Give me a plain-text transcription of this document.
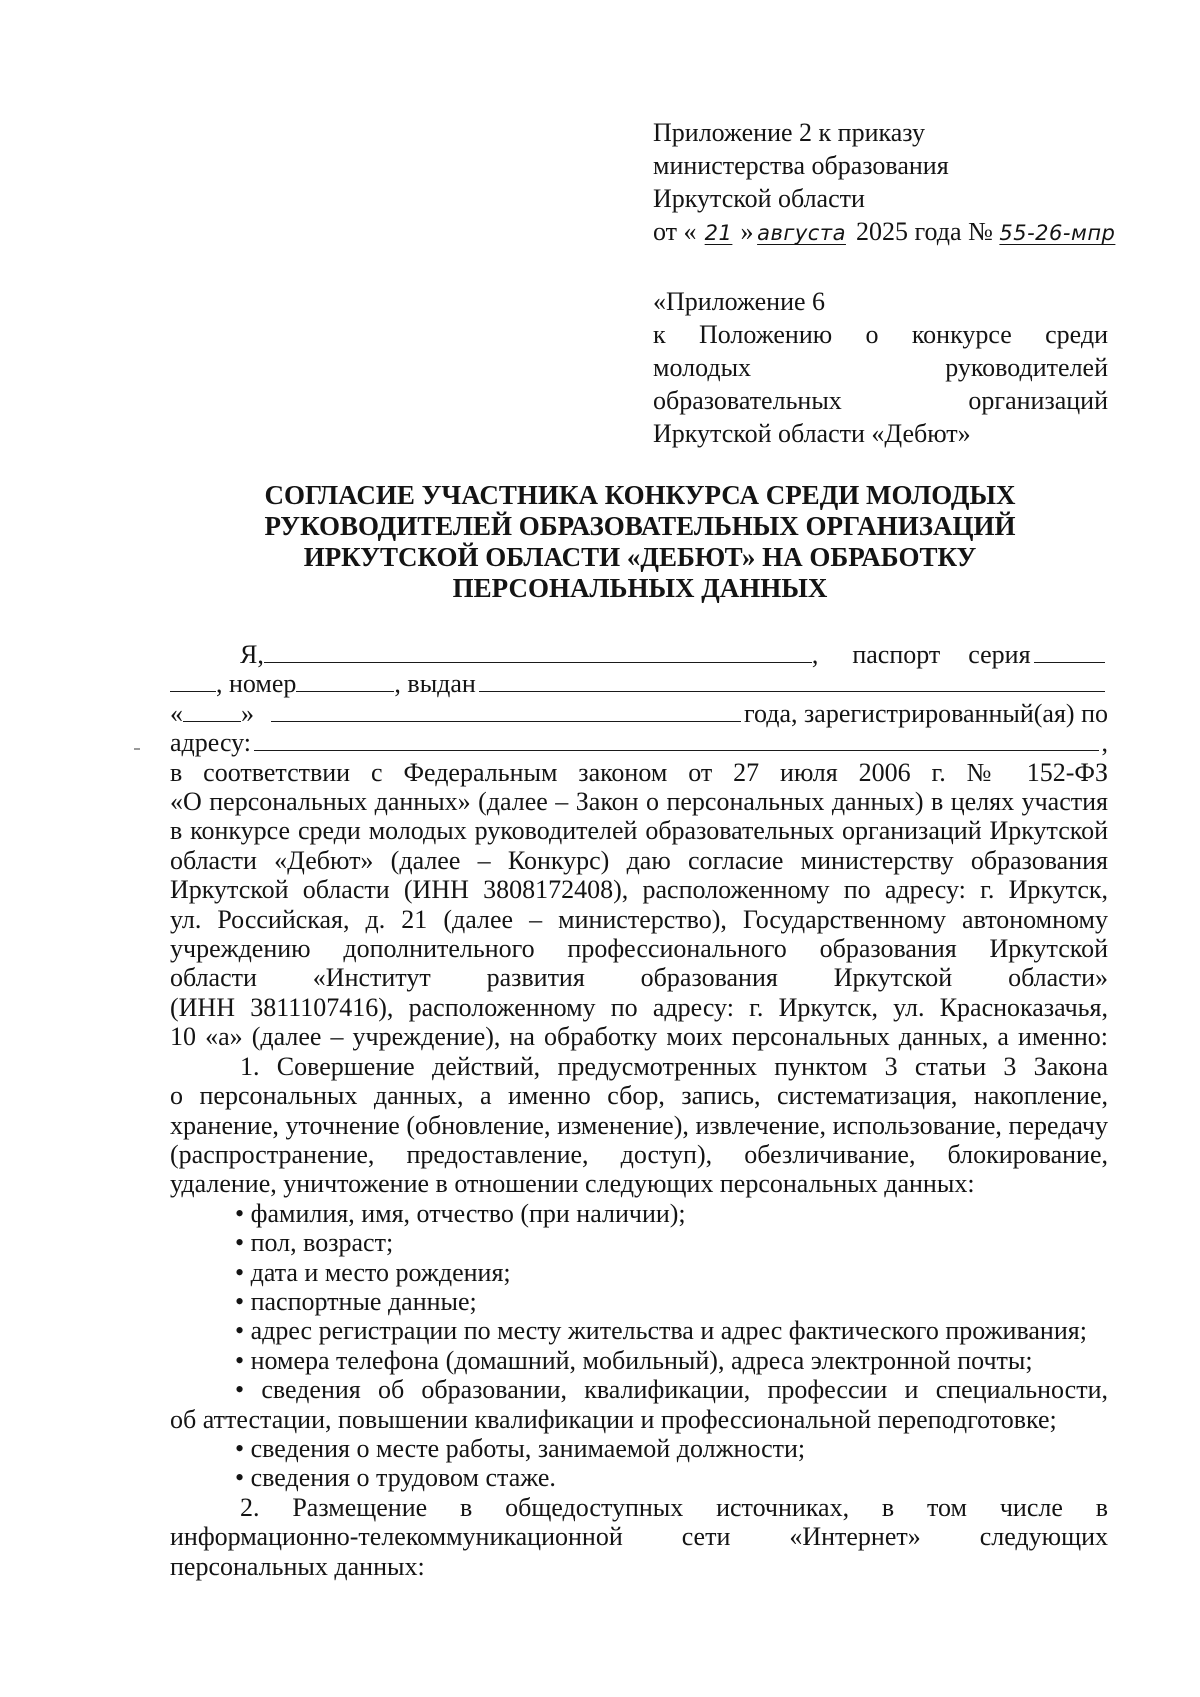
Приложение 2 к приказу
министерства образования
Иркутской области
от « 21 » августа 2025 года № 55-26-мпр
«Приложение 6
к Положению о конкурсе среди
молодых руководителей
образовательных организаций
Иркутской области «Дебют»
СОГЛАСИЕ УЧАСТНИКА КОНКУРСА СРЕДИ МОЛОДЫХ
РУКОВОДИТЕЛЕЙ ОБРАЗОВАТЕЛЬНЫХ ОРГАНИЗАЦИЙ
ИРКУТСКОЙ ОБЛАСТИ «ДЕБЮТ» НА ОБРАБОТКУ
ПЕРСОНАЛЬНЫХ ДАННЫХ
Я,	, паспорт серия
, номер	, выдан
« »	года, зарегистрированный(ая) по
адресу:	,
в соответствии с Федеральным законом от 27 июля 2006 г. № 152-ФЗ
«О персональных данных» (далее – Закон о персональных данных) в целях участия
в конкурсе среди молодых руководителей образовательных организаций Иркутской
области «Дебют» (далее – Конкурс) даю согласие министерству образования
Иркутской области (ИНН 3808172408), расположенному по адресу: г. Иркутск,
ул. Российская, д. 21 (далее – министерство), Государственному автономному
учреждению дополнительного профессионального образования Иркутской
области «Институт развития образования Иркутской области»
(ИНН 3811107416), расположенному по адресу: г. Иркутск, ул. Красноказачья,
10 «а» (далее – учреждение), на обработку моих персональных данных, а именно:
1. Совершение действий, предусмотренных пунктом 3 статьи 3 Закона
о персональных данных, а именно сбор, запись, систематизация, накопление,
хранение, уточнение (обновление, изменение), извлечение, использование, передачу
(распространение, предоставление, доступ), обезличивание, блокирование,
удаление, уничтожение в отношении следующих персональных данных:
• фамилия, имя, отчество (при наличии);
• пол, возраст;
• дата и место рождения;
• паспортные данные;
• адрес регистрации по месту жительства и адрес фактического проживания;
• номера телефона (домашний, мобильный), адреса электронной почты;
• сведения об образовании, квалификации, профессии и специальности,
об аттестации, повышении квалификации и профессиональной переподготовке;
• сведения о месте работы, занимаемой должности;
• сведения о трудовом стаже.
2. Размещение в общедоступных источниках, в том числе в
информационно-телекоммуникационной сети «Интернет» следующих
персональных данных:
